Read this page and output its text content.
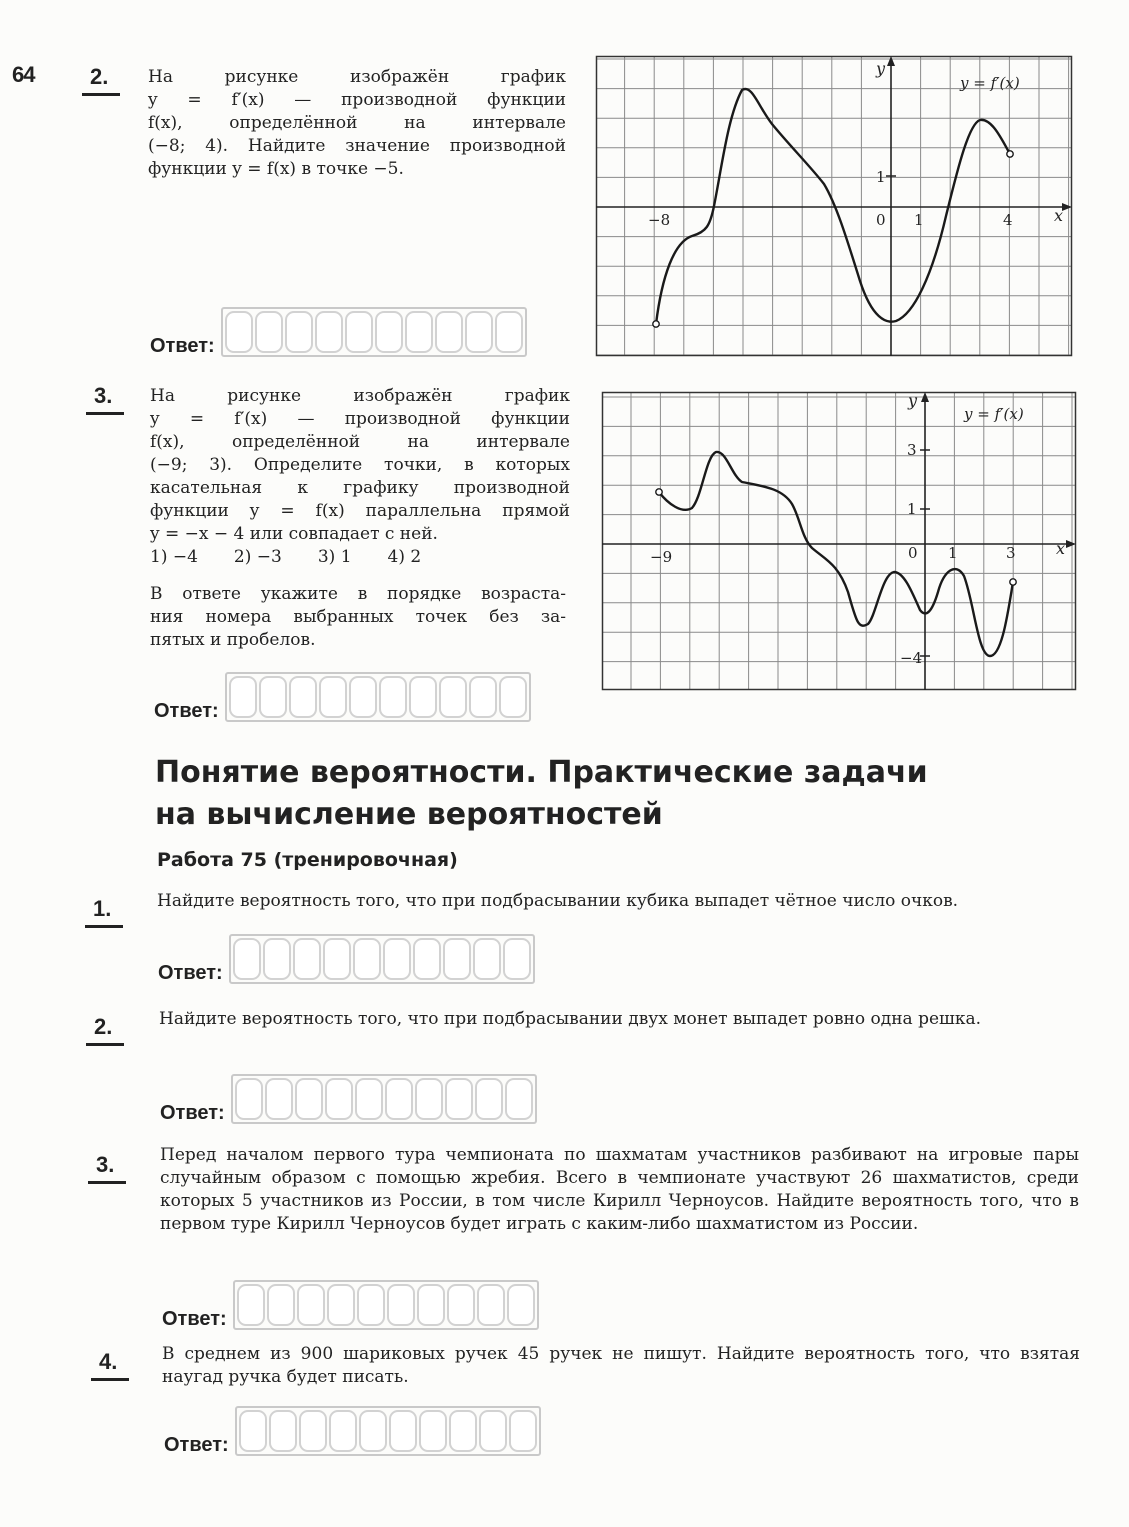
64	2. На рисунке изображён график
y = f′(x) — производной функции
f(x), определённой на интервале
(−8; 4). Найдите значение производной
функции y = f(x) в точке −5.
Ответ:
y
x
y = f′(x)
−8	0 1	4
1
3. На рисунке изображён график
y = f′(x) — производной функции
f(x), определённой на интервале
(−9; 3). Определите точки, в которых
касательная к графику производной
функции y = f(x) параллельна прямой
y = −x − 4 или совпадает с ней.
1) −4 2) −3 3) 1 4) 2
В ответе укажите в порядке возраста-
ния номера выбранных точек без за-
пятых и пробелов.
Ответ:
y
x
y = f′(x)
−9	0 1	3
3
1
−4
Понятие вероятности. Практические задачи
на вычисление вероятностей
Работа 75 (тренировочная)
1.	Найдите вероятность того, что при подбрасывании кубика выпадет чётное число очков.
Ответ:
2.	Найдите вероятность того, что при подбрасывании двух монет выпадет ровно одна решка.
Ответ:
3.	Перед началом первого тура чемпионата по шахматам участников разбивают на игровые пары случайным образом с помощью жребия. Всего в чемпионате участвуют 26 шахматистов, среди которых 5 участников из России, в том числе Кирилл Черноусов. Найдите вероятность того, что в первом туре Кирилл Черноусов будет играть с каким-либо шахматистом из России.
Ответ:
4.	В среднем из 900 шариковых ручек 45 ручек не пишут. Найдите вероятность того, что взятая наугад ручка будет писать.
Ответ:
